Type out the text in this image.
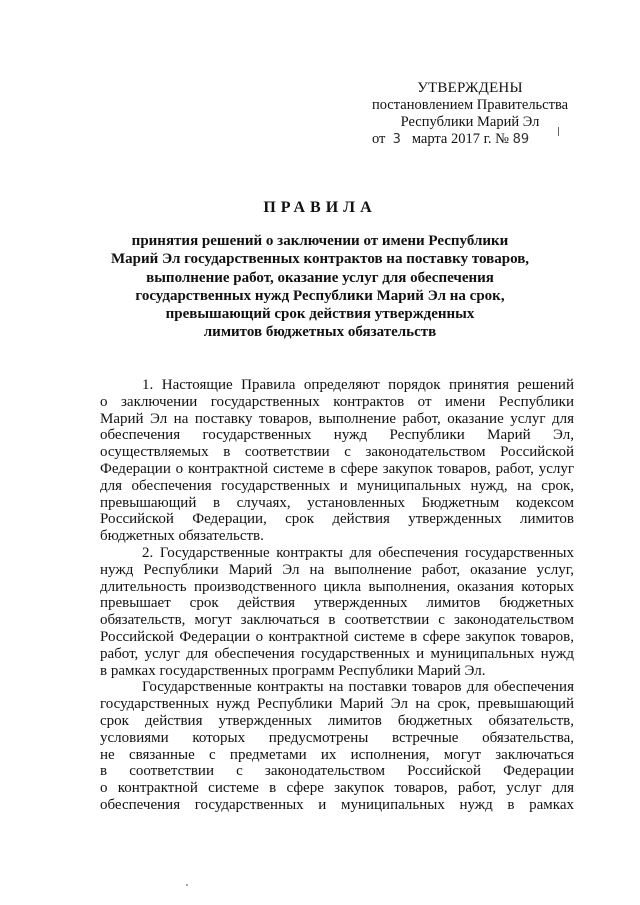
УТВЕРЖДЕНЫ
постановлением Правительства
Республики Марий Эл
от 3 марта 2017 г. № 89
ПРАВИЛА
принятия решений о заключении от имени Республики
Марий Эл государственных контрактов на поставку товаров,
выполнение работ, оказание услуг для обеспечения
государственных нужд Республики Марий Эл на срок,
превышающий срок действия утвержденных
лимитов бюджетных обязательств
1. Настоящие Правила определяют порядок принятия решений
о заключении государственных контрактов от имени Республики
Марий Эл на поставку товаров, выполнение работ, оказание услуг для
обеспечения государственных нужд Республики Марий Эл,
осуществляемых в соответствии с законодательством Российской
Федерации о контрактной системе в сфере закупок товаров, работ, услуг
для обеспечения государственных и муниципальных нужд, на срок,
превышающий в случаях, установленных Бюджетным кодексом
Российской Федерации, срок действия утвержденных лимитов
бюджетных обязательств.
2. Государственные контракты для обеспечения государственных
нужд Республики Марий Эл на выполнение работ, оказание услуг,
длительность производственного цикла выполнения, оказания которых
превышает срок действия утвержденных лимитов бюджетных
обязательств, могут заключаться в соответствии с законодательством
Российской Федерации о контрактной системе в сфере закупок товаров,
работ, услуг для обеспечения государственных и муниципальных нужд
в рамках государственных программ Республики Марий Эл.
Государственные контракты на поставки товаров для обеспечения
государственных нужд Республики Марий Эл на срок, превышающий
срок действия утвержденных лимитов бюджетных обязательств,
условиями которых предусмотрены встречные обязательства,
не связанные с предметами их исполнения, могут заключаться
в соответствии с законодательством Российской Федерации
о контрактной системе в сфере закупок товаров, работ, услуг для
обеспечения государственных и муниципальных нужд в рамках
